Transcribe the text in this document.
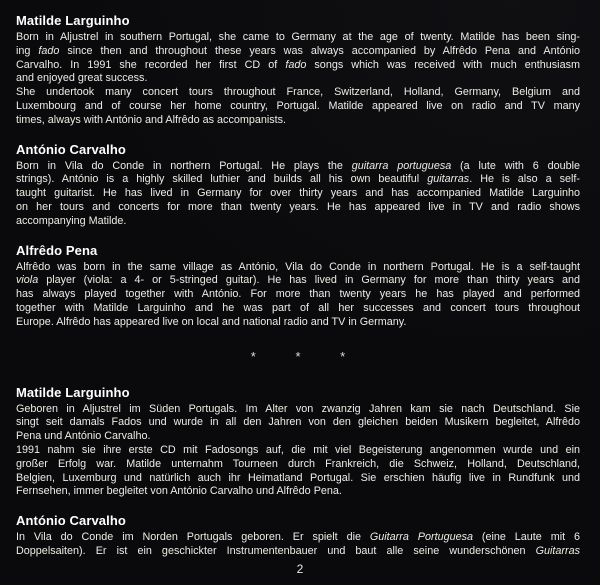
Matilde Larguinho
Born in Aljustrel in southern Portugal, she came to Germany at the age of twenty. Matilde has been sing-
ing fado since then and throughout these years was always accompanied by Alfrêdo Pena and António
Carvalho. In 1991 she recorded her first CD of fado songs which was received with much enthusiasm
and enjoyed great success.
She undertook many concert tours throughout France, Switzerland, Holland, Germany, Belgium and
Luxembourg and of course her home country, Portugal. Matilde appeared live on radio and TV many
times, always with António and Alfrêdo as accompanists.
António Carvalho
Born in Vila do Conde in northern Portugal. He plays the guitarra portuguesa (a lute with 6 double
strings). António is a highly skilled luthier and builds all his own beautiful guitarras. He is also a self-
taught guitarist. He has lived in Germany for over thirty years and has accompanied Matilde Larguinho
on her tours and concerts for more than twenty years. He has appeared live in TV and radio shows
accompanying Matilde.
Alfrêdo Pena
Alfrêdo was born in the same village as António, Vila do Conde in northern Portugal. He is a self-taught
viola player (viola: a 4- or 5-stringed guitar). He has lived in Germany for more than thirty years and
has always played together with António. For more than twenty years he has played and performed
together with Matilde Larguinho and he was part of all her successes and concert tours throughout
Europe. Alfrêdo has appeared live on local and national radio and TV in Germany.
* * *
Matilde Larguinho
Geboren in Aljustrel im Süden Portugals. Im Alter von zwanzig Jahren kam sie nach Deutschland. Sie
singt seit damals Fados und wurde in all den Jahren von den gleichen beiden Musikern begleitet, Alfrêdo
Pena und António Carvalho.
1991 nahm sie ihre erste CD mit Fadosongs auf, die mit viel Begeisterung angenommen wurde und ein
großer Erfolg war. Matilde unternahm Tourneen durch Frankreich, die Schweiz, Holland, Deutschland,
Belgien, Luxemburg und natürlich auch ihr Heimatland Portugal. Sie erschien häufig live in Rundfunk und
Fernsehen, immer begleitet von António Carvalho und Alfrêdo Pena.
António Carvalho
In Vila do Conde im Norden Portugals geboren. Er spielt die Guitarra Portuguesa (eine Laute mit 6
Doppelsaiten). Er ist ein geschickter Instrumentenbauer und baut alle seine wunderschönen Guitarras
2
